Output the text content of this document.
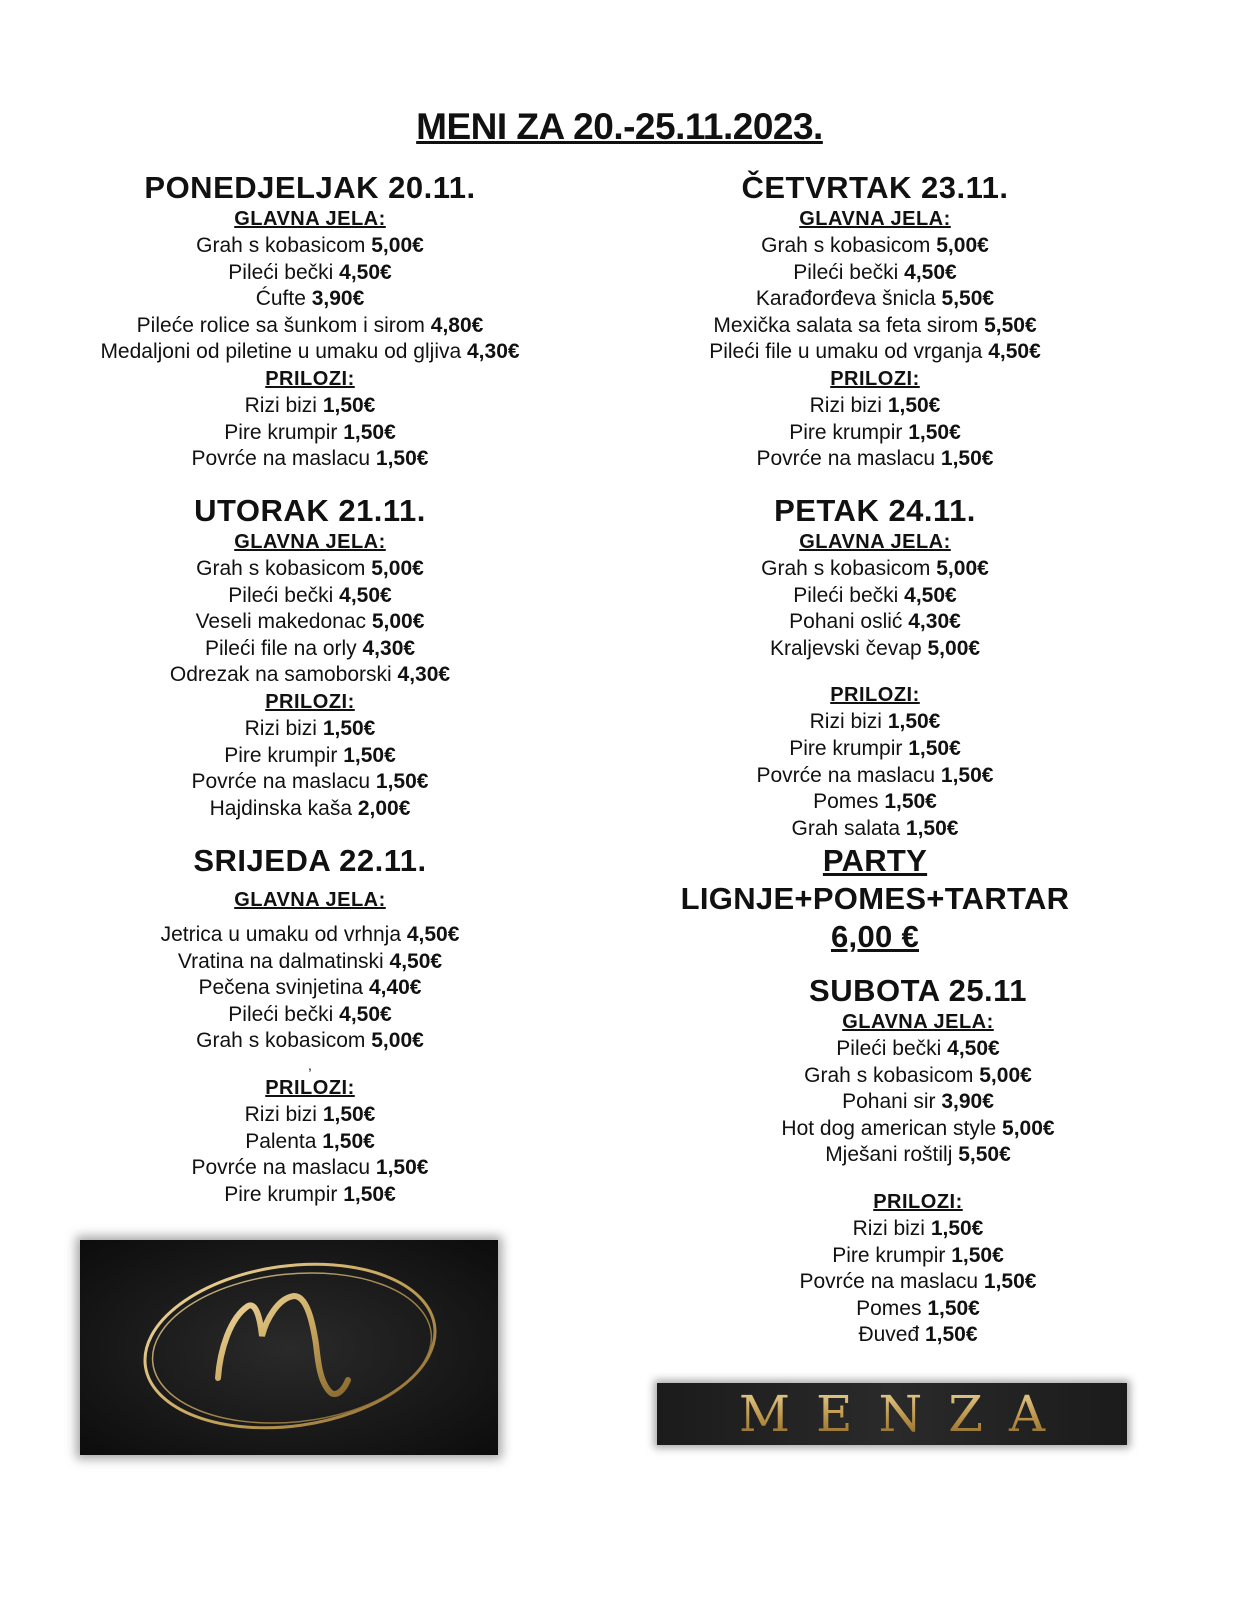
MENI ZA 20.-25.11.2023.
PONEDJELJAK 20.11.
GLAVNA JELA:
Grah s kobasicom 5,00€
Pileći bečki 4,50€
Ćufte 3,90€
Pileće rolice sa šunkom i sirom 4,80€
Medaljoni od piletine u umaku od gljiva 4,30€
PRILOZI:
Rizi bizi 1,50€
Pire krumpir 1,50€
Povrće na maslacu 1,50€
UTORAK 21.11.
GLAVNA JELA:
Grah s kobasicom 5,00€
Pileći bečki 4,50€
Veseli makedonac 5,00€
Pileći file na orly 4,30€
Odrezak na samoborski 4,30€
PRILOZI:
Rizi bizi 1,50€
Pire krumpir 1,50€
Povrće na maslacu 1,50€
Hajdinska kaša 2,00€
SRIJEDA 22.11.
GLAVNA JELA:
Jetrica u umaku od vrhnja 4,50€
Vratina na dalmatinski 4,50€
Pečena svinjetina 4,40€
Pileći bečki 4,50€
Grah s kobasicom 5,00€
,
PRILOZI:
Rizi bizi 1,50€
Palenta 1,50€
Povrće na maslacu 1,50€
Pire krumpir 1,50€
ČETVRTAK 23.11.
GLAVNA JELA:
Grah s kobasicom 5,00€
Pileći bečki 4,50€
Karađorđeva šnicla 5,50€
Mexička salata sa feta sirom 5,50€
Pileći file u umaku od vrganja 4,50€
PRILOZI:
Rizi bizi 1,50€
Pire krumpir 1,50€
Povrće na maslacu 1,50€
PETAK 24.11.
GLAVNA JELA:
Grah s kobasicom 5,00€
Pileći bečki 4,50€
Pohani oslić 4,30€
Kraljevski čevap 5,00€
PRILOZI:
Rizi bizi 1,50€
Pire krumpir 1,50€
Povrće na maslacu 1,50€
Pomes 1,50€
Grah salata 1,50€
PARTY
LIGNJE+POMES+TARTAR
6,00 €
SUBOTA 25.11
GLAVNA JELA:
Pileći bečki 4,50€
Grah s kobasicom 5,00€
Pohani sir 3,90€
Hot dog american style 5,00€
Mješani roštilj 5,50€
PRILOZI:
Rizi bizi 1,50€
Pire krumpir 1,50€
Povrće na maslacu 1,50€
Pomes 1,50€
Đuveđ 1,50€
MENZA
